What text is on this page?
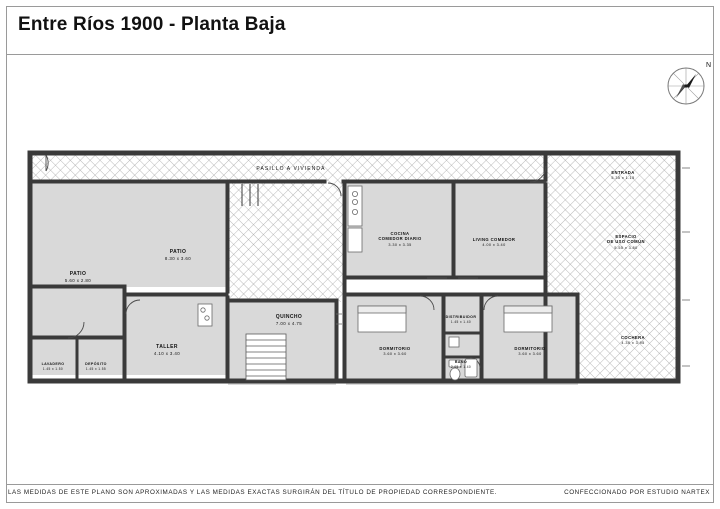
Entre Ríos 1900 - Planta Baja
N
LAS MEDIDAS DE ESTE PLANO SON APROXIMADAS Y LAS MEDIDAS EXACTAS SURGIRÁN DEL TÍTULO DE PROPIEDAD CORRESPONDIENTE.	CONFECCIONADO POR ESTUDIO NARTEX
PASILLO A VIVIENDA
ENTRADA
5.35 x 1.15
ESPACIO
DE USO COMÚN
5.55 x 3.80
PATIO
5.60 x 2.80
PATIO
8.30 x 3.60
COCINA
COMEDOR DIARIO
3.30 x 3.35
LIVING COMEDOR
4.00 x 3.40
QUINCHO
7.00 x 4.75
TALLER
4.10 x 3.40
DORMITORIO
3.60 x 3.60
DORMITORIO
3.60 x 3.60
COCHERA
4.30 x 3.95
DISTRIBUIDOR
1.45 x 1.40
BAÑO
2.05 x 1.40
LAVADERO
1.45 x 1.50
DEPÓSITO
1.45 x 1.55
